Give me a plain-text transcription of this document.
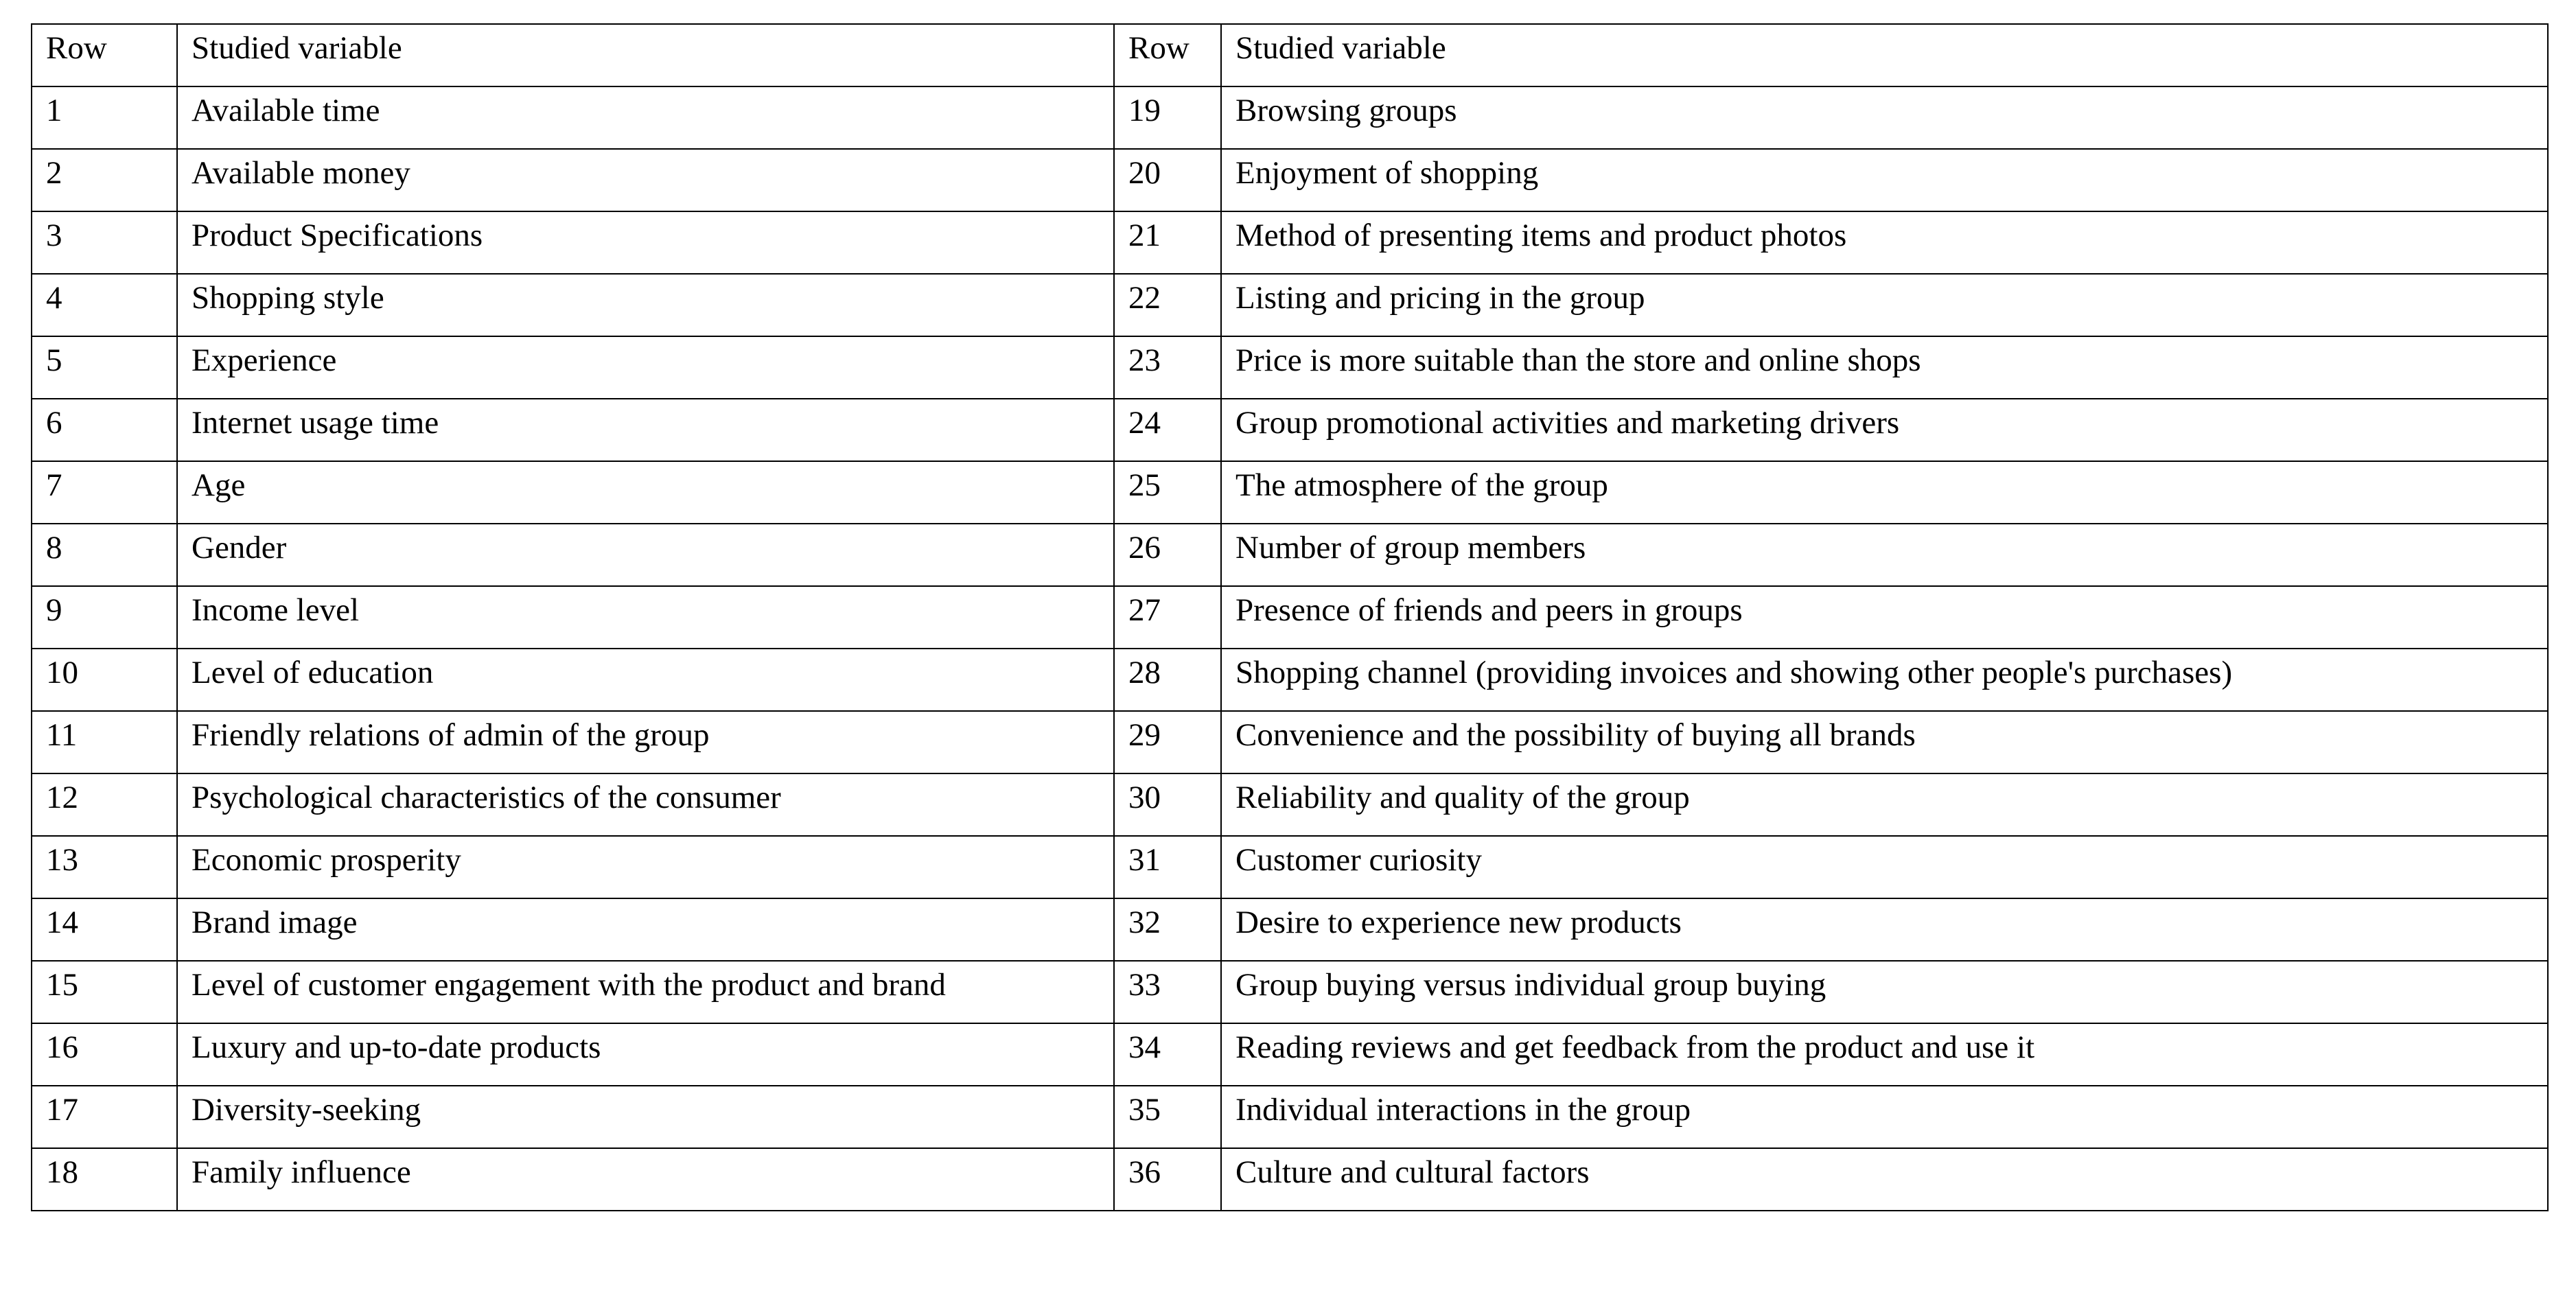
Row	Studied variable	Row	Studied variable
1	Available time	19	Browsing groups
2	Available money	20	Enjoyment of shopping
3	Product Specifications	21	Method of presenting items and product photos
4	Shopping style	22	Listing and pricing in the group
5	Experience	23	Price is more suitable than the store and online shops
6	Internet usage time	24	Group promotional activities and marketing drivers
7	Age	25	The atmosphere of the group
8	Gender	26	Number of group members
9	Income level	27	Presence of friends and peers in groups
10	Level of education	28	Shopping channel (providing invoices and showing other people's purchases)
11	Friendly relations of admin of the group	29	Convenience and the possibility of buying all brands
12	Psychological characteristics of the consumer	30	Reliability and quality of the group
13	Economic prosperity	31	Customer curiosity
14	Brand image	32	Desire to experience new products
15	Level of customer engagement with the product and brand	33	Group buying versus individual group buying
16	Luxury and up-to-date products	34	Reading reviews and get feedback from the product and use it
17	Diversity-seeking	35	Individual interactions in the group
18	Family influence	36	Culture and cultural factors
